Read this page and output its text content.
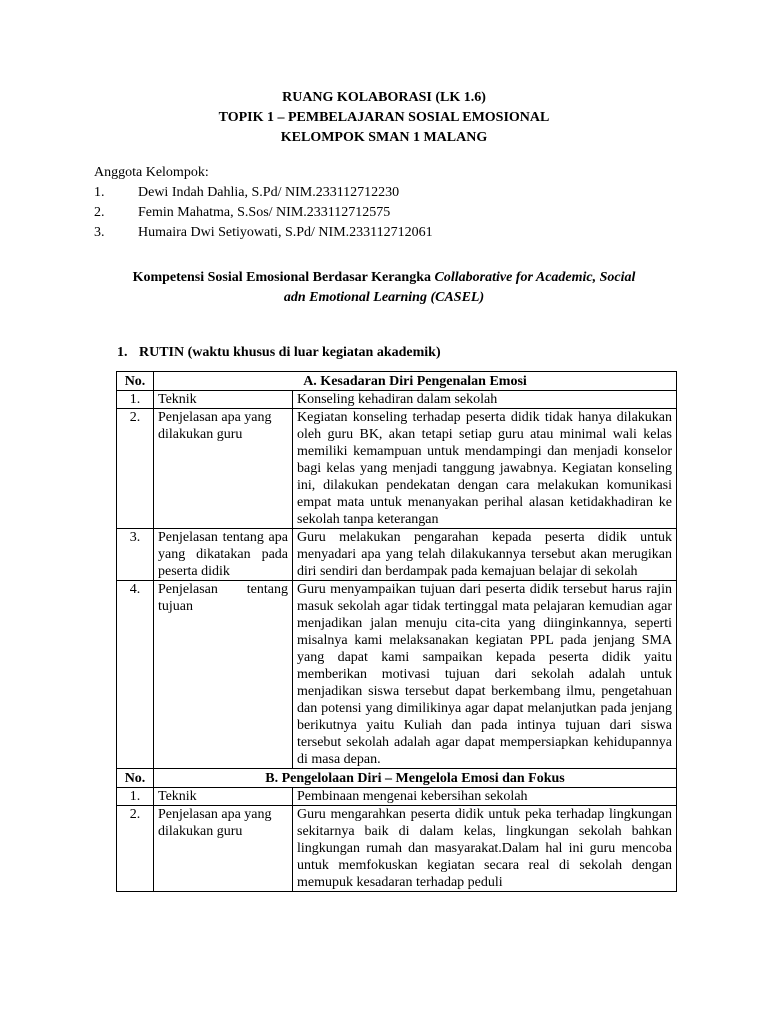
RUANG KOLABORASI (LK 1.6)
TOPIK 1 – PEMBELAJARAN SOSIAL EMOSIONAL
KELOMPOK SMAN 1 MALANG
Anggota Kelompok:
1. Dewi Indah Dahlia, S.Pd/ NIM.233112712230
2. Femin Mahatma, S.Sos/ NIM.233112712575
3. Humaira Dwi Setiyowati, S.Pd/ NIM.233112712061
Kompetensi Sosial Emosional Berdasar Kerangka Collaborative for Academic, Social
adn Emotional Learning (CASEL)
1. RUTIN (waktu khusus di luar kegiatan akademik)
No.	A. Kesadaran Diri Pengenalan Emosi	
1.	Teknik	Konseling kehadiran dalam sekolah
2.	Penjelasan apa yang dilakukan guru	Kegiatan konseling terhadap peserta didik tidak hanya dilakukan oleh guru BK, akan tetapi setiap guru atau minimal wali kelas memiliki kemampuan untuk mendampingi dan menjadi konselor bagi kelas yang menjadi tanggung jawabnya. Kegiatan konseling ini, dilakukan pendekatan dengan cara melakukan komunikasi empat mata untuk menanyakan perihal alasan ketidakhadiran ke sekolah tanpa keterangan
3.	Penjelasan tentang apa yang dikatakan pada peserta didik	Guru melakukan pengarahan kepada peserta didik untuk menyadari apa yang telah dilakukannya tersebut akan merugikan diri sendiri dan berdampak pada kemajuan belajar di sekolah
4.	Penjelasan tentang tujuan	Guru menyampaikan tujuan dari peserta didik tersebut harus rajin masuk sekolah agar tidak tertinggal mata pelajaran kemudian agar menjadikan jalan menuju cita-cita yang diinginkannya, seperti misalnya kami melaksanakan kegiatan PPL pada jenjang SMA yang dapat kami sampaikan kepada peserta didik yaitu memberikan motivasi tujuan dari sekolah adalah untuk menjadikan siswa tersebut dapat berkembang ilmu, pengetahuan dan potensi yang dimilikinya agar dapat melanjutkan pada jenjang berikutnya yaitu Kuliah dan pada intinya tujuan dari siswa tersebut sekolah adalah agar dapat mempersiapkan kehidupannya di masa depan.
No.	B. Pengelolaan Diri – Mengelola Emosi dan Fokus	
1.	Teknik	Pembinaan mengenai kebersihan sekolah
2.	Penjelasan apa yang dilakukan guru	Guru mengarahkan peserta didik untuk peka terhadap lingkungan sekitarnya baik di dalam kelas, lingkungan sekolah bahkan lingkungan rumah dan masyarakat.Dalam hal ini guru mencoba untuk memfokuskan kegiatan secara real di sekolah dengan memupuk kesadaran terhadap peduli
